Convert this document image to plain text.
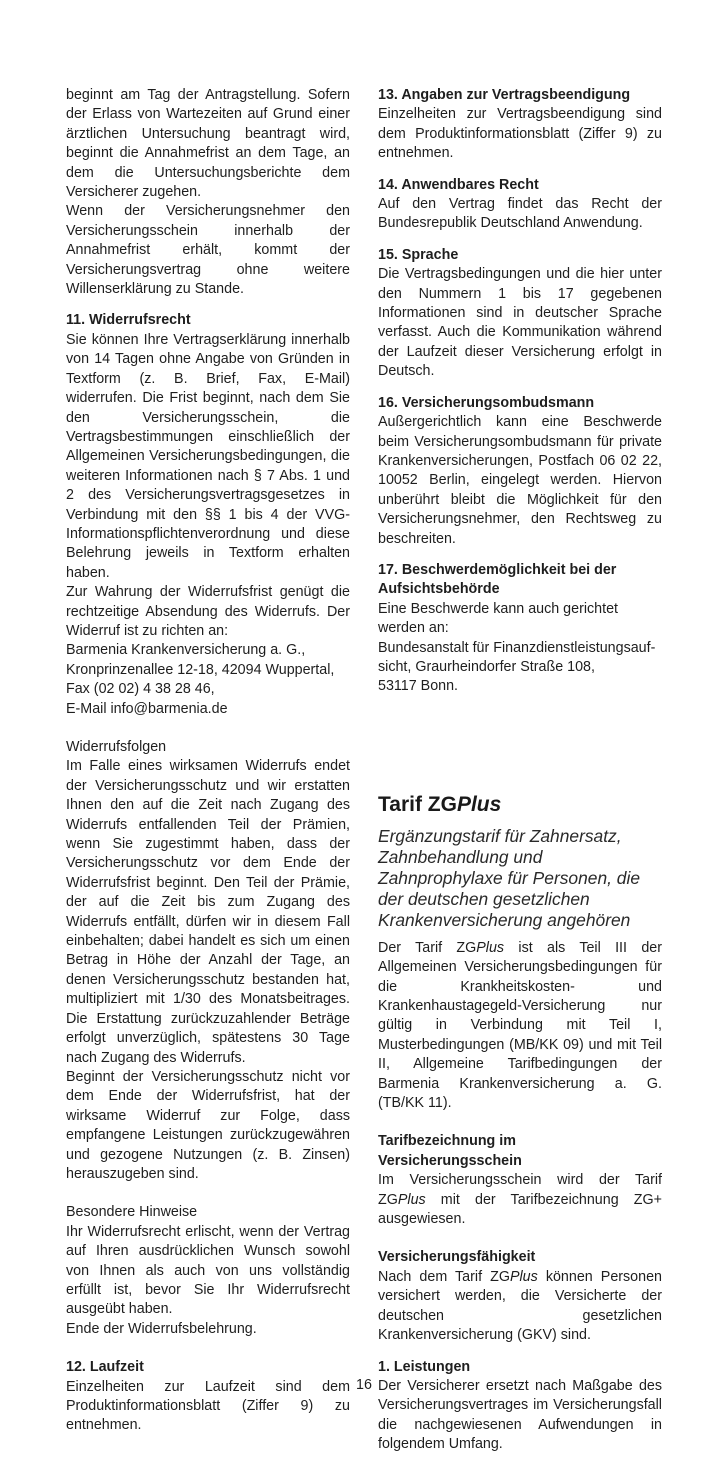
beginnt am Tag der Antragstellung. Sofern der Erlass von Wartezeiten auf Grund einer ärztlichen Untersuchung beantragt wird, beginnt die Annahmefrist an dem Tage, an dem die Untersuchungsberichte dem Versicherer zugehen.

Wenn der Versicherungsnehmer den Versicherungsschein innerhalb der Annahmefrist erhält, kommt der Versicherungsvertrag ohne weitere Willenserklärung zu Stande.

11. Widerrufsrecht

Sie können Ihre Vertragserklärung innerhalb von 14 Tagen ohne Angabe von Gründen in Textform (z. B. Brief, Fax, E-Mail) widerrufen. Die Frist beginnt, nach dem Sie den Versicherungsschein, die Vertragsbestimmungen einschließlich der Allgemeinen Versicherungsbedingungen, die weiteren Informationen nach § 7 Abs. 1 und 2 des Versicherungsvertragsgesetzes in Verbindung mit den §§ 1 bis 4 der VVG-Informationspflichtenverordnung und diese Belehrung jeweils in Textform erhalten haben.

Zur Wahrung der Widerrufsfrist genügt die rechtzeitige Absendung des Widerrufs. Der Widerruf ist zu richten an:

Barmenia Krankenversicherung a. G.,

Kronprinzenallee 12-18, 42094 Wuppertal,

Fax (02 02) 4 38 28 46,

E-Mail info@barmenia.de

Widerrufsfolgen

Im Falle eines wirksamen Widerrufs endet der Versicherungsschutz und wir erstatten Ihnen den auf die Zeit nach Zugang des Widerrufs entfallenden Teil der Prämien, wenn Sie zugestimmt haben, dass der Versicherungsschutz vor dem Ende der Widerrufsfrist beginnt. Den Teil der Prämie, der auf die Zeit bis zum Zugang des Widerrufs entfällt, dürfen wir in diesem Fall einbehalten; dabei handelt es sich um einen Betrag in Höhe der Anzahl der Tage, an denen Versicherungsschutz bestanden hat, multipliziert mit 1/30 des Monatsbeitrages. Die Erstattung zurückzuzahlender Beträge erfolgt unverzüglich, spätestens 30 Tage nach Zugang des Widerrufs.

Beginnt der Versicherungsschutz nicht vor dem Ende der Widerrufsfrist, hat der wirksame Widerruf zur Folge, dass empfangene Leistungen zurückzugewähren und gezogene Nutzungen (z. B. Zinsen) herauszugeben sind.

Besondere Hinweise

Ihr Widerrufsrecht erlischt, wenn der Vertrag auf Ihren ausdrücklichen Wunsch sowohl von Ihnen als auch von uns vollständig erfüllt ist, bevor Sie Ihr Widerrufsrecht ausgeübt haben.

Ende der Widerrufsbelehrung.

12. Laufzeit

Einzelheiten zur Laufzeit sind dem Produktinformationsblatt (Ziffer 9) zu entnehmen.

13. Angaben zur Vertragsbeendigung

Einzelheiten zur Vertragsbeendigung sind dem Produktinformationsblatt (Ziffer 9) zu entnehmen.

14. Anwendbares Recht

Auf den Vertrag findet das Recht der Bundesrepublik Deutschland Anwendung.

15. Sprache

Die Vertragsbedingungen und die hier unter den Nummern 1 bis 17 gegebenen Informationen sind in deutscher Sprache verfasst. Auch die Kommunikation während der Laufzeit dieser Versicherung erfolgt in Deutsch.

16. Versicherungsombudsmann

Außergerichtlich kann eine Beschwerde beim Versicherungsombudsmann für private Krankenversicherungen, Postfach 06 02 22, 10052 Berlin, eingelegt werden. Hiervon unberührt bleibt die Möglichkeit für den Versicherungsnehmer, den Rechtsweg zu beschreiten.

17. Beschwerdemöglichkeit bei der

Aufsichtsbehörde

Eine Beschwerde kann auch gerichtet

werden an:

Bundesanstalt für Finanzdienstleistungsauf-

sicht, Graurheindorfer Straße 108,

53117 Bonn.

Tarif ZGPlus

Ergänzungstarif für Zahnersatz, Zahnbehandlung und Zahnprophylaxe für Personen, die der deutschen gesetzlichen Krankenversicherung angehören

Der Tarif ZGPlus ist als Teil III der Allgemeinen Versicherungsbedingungen für die Krankheitskosten- und Krankenhaustagegeld-Versicherung nur gültig in Verbindung mit Teil I, Musterbedingungen (MB/KK 09) und mit Teil II, Allgemeine Tarifbedingungen der Barmenia Krankenversicherung a. G. (TB/KK 11).

Tarifbezeichnung im Versicherungsschein

Im Versicherungsschein wird der Tarif ZGPlus mit der Tarifbezeichnung ZG+ ausgewiesen.

Versicherungsfähigkeit

Nach dem Tarif ZGPlus können Personen versichert werden, die Versicherte der deutschen gesetzlichen Krankenversicherung (GKV) sind.

1. Leistungen

Der Versicherer ersetzt nach Maßgabe des Versicherungsvertrages im Versicherungsfall die nachgewiesenen Aufwendungen in folgendem Umfang.

16
